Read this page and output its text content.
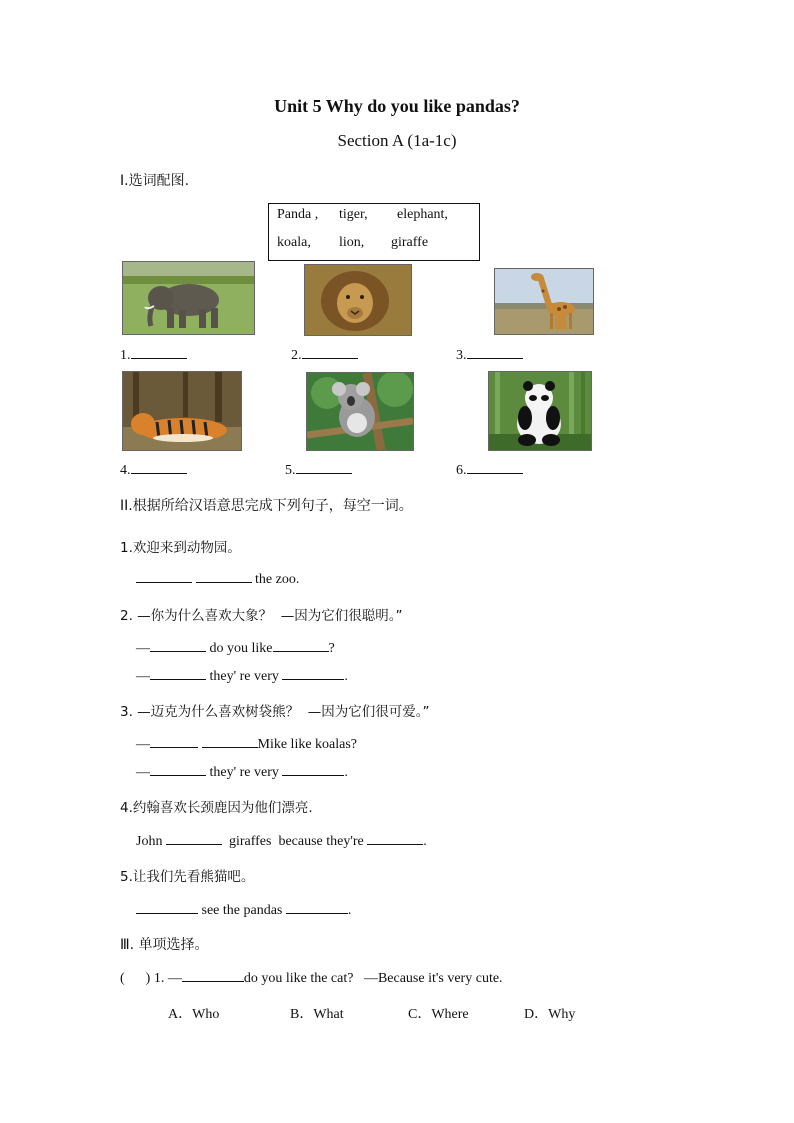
Unit 5 Why do you like pandas?
Section A (1a-1c)
Ⅰ.选词配图.
Panda , tiger, elephant,
koala, lion, giraffe
1.	2.	3.
4.	5.	6.
II.根据所给汉语意思完成下列句子，每空一词。
1.欢迎来到动物园。
the zoo.
2. —你为什么喜欢大象？  —因为它们很聪明。”
—	do you like	?
—	they' re very	.
3. —迈克为什么喜欢树袋熊？  —因为它们很可爱。”
—	Mike like koalas?
—	they' re very	.
4.约翰喜欢长颈鹿因为他们漂亮.
John	giraffes  because they're	.
5.让我们先看熊猫吧。
see the pandas	.
Ⅲ. 单项选择。
(      ) 1. —	do you like the cat?   —Because it's very cute.
A．Who	B．What	C．Where	D．Why
